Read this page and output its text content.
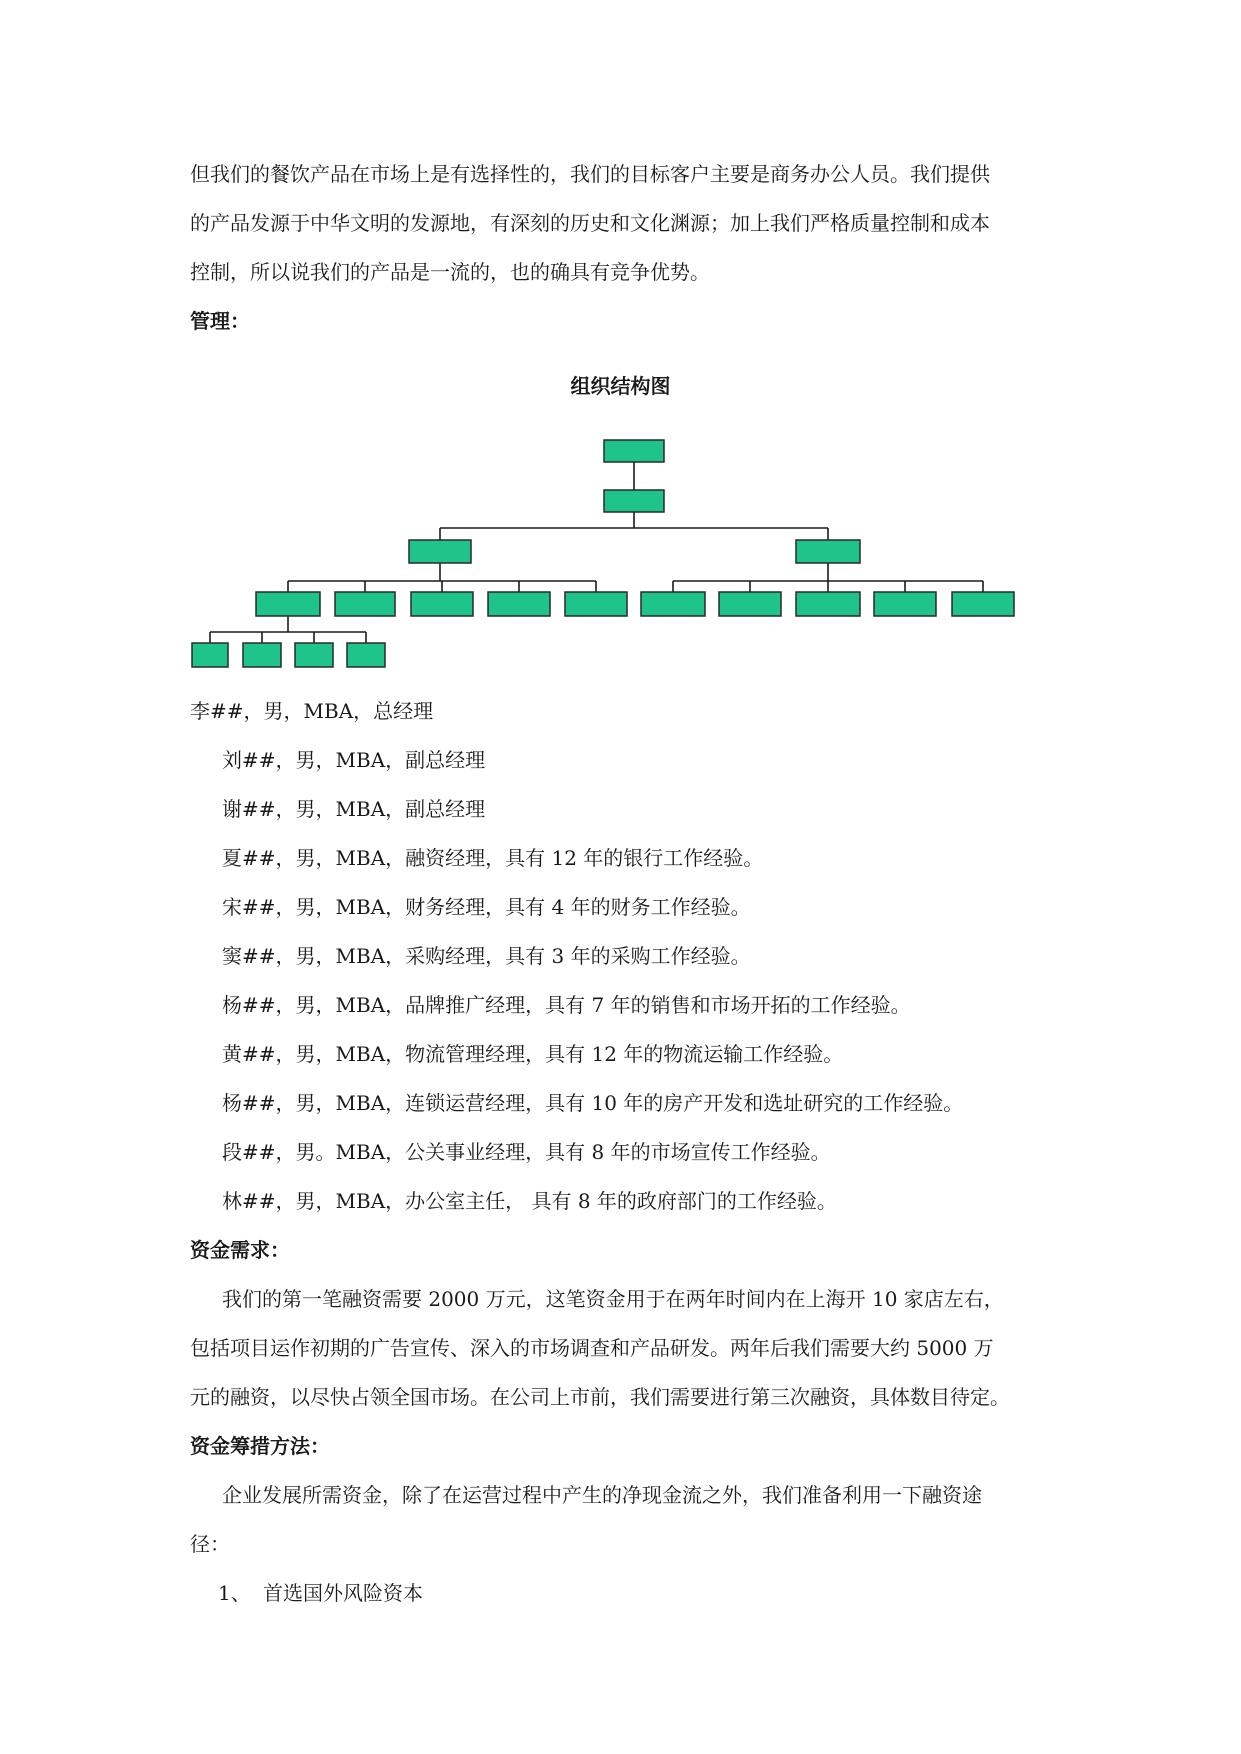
但我们的餐饮产品在市场上是有选择性的，我们的目标客户主要是商务办公人员。我们提供
的产品发源于中华文明的发源地，有深刻的历史和文化渊源；加上我们严格质量控制和成本
控制，所以说我们的产品是一流的，也的确具有竞争优势。
管理：
组织结构图
李##，男，MBA，总经理
刘##，男，MBA，副总经理
谢##，男，MBA，副总经理
夏##，男，MBA，融资经理，具有 12 年的银行工作经验。
宋##，男，MBA，财务经理，具有 4 年的财务工作经验。
窦##，男，MBA，采购经理，具有 3 年的采购工作经验。
杨##，男，MBA，品牌推广经理，具有 7 年的销售和市场开拓的工作经验。
黄##，男，MBA，物流管理经理，具有 12 年的物流运输工作经验。
杨##，男，MBA，连锁运营经理，具有 10 年的房产开发和选址研究的工作经验。
段##，男。MBA，公关事业经理，具有 8 年的市场宣传工作经验。
林##，男，MBA，办公室主任， 具有 8 年的政府部门的工作经验。
资金需求：
我们的第一笔融资需要 2000 万元，这笔资金用于在两年时间内在上海开 10 家店左右，
包括项目运作初期的广告宣传、深入的市场调查和产品研发。两年后我们需要大约 5000 万
元的融资，以尽快占领全国市场。在公司上市前，我们需要进行第三次融资，具体数目待定。
资金筹措方法：
企业发展所需资金，除了在运营过程中产生的净现金流之外，我们准备利用一下融资途
径：
1、 首选国外风险资本
